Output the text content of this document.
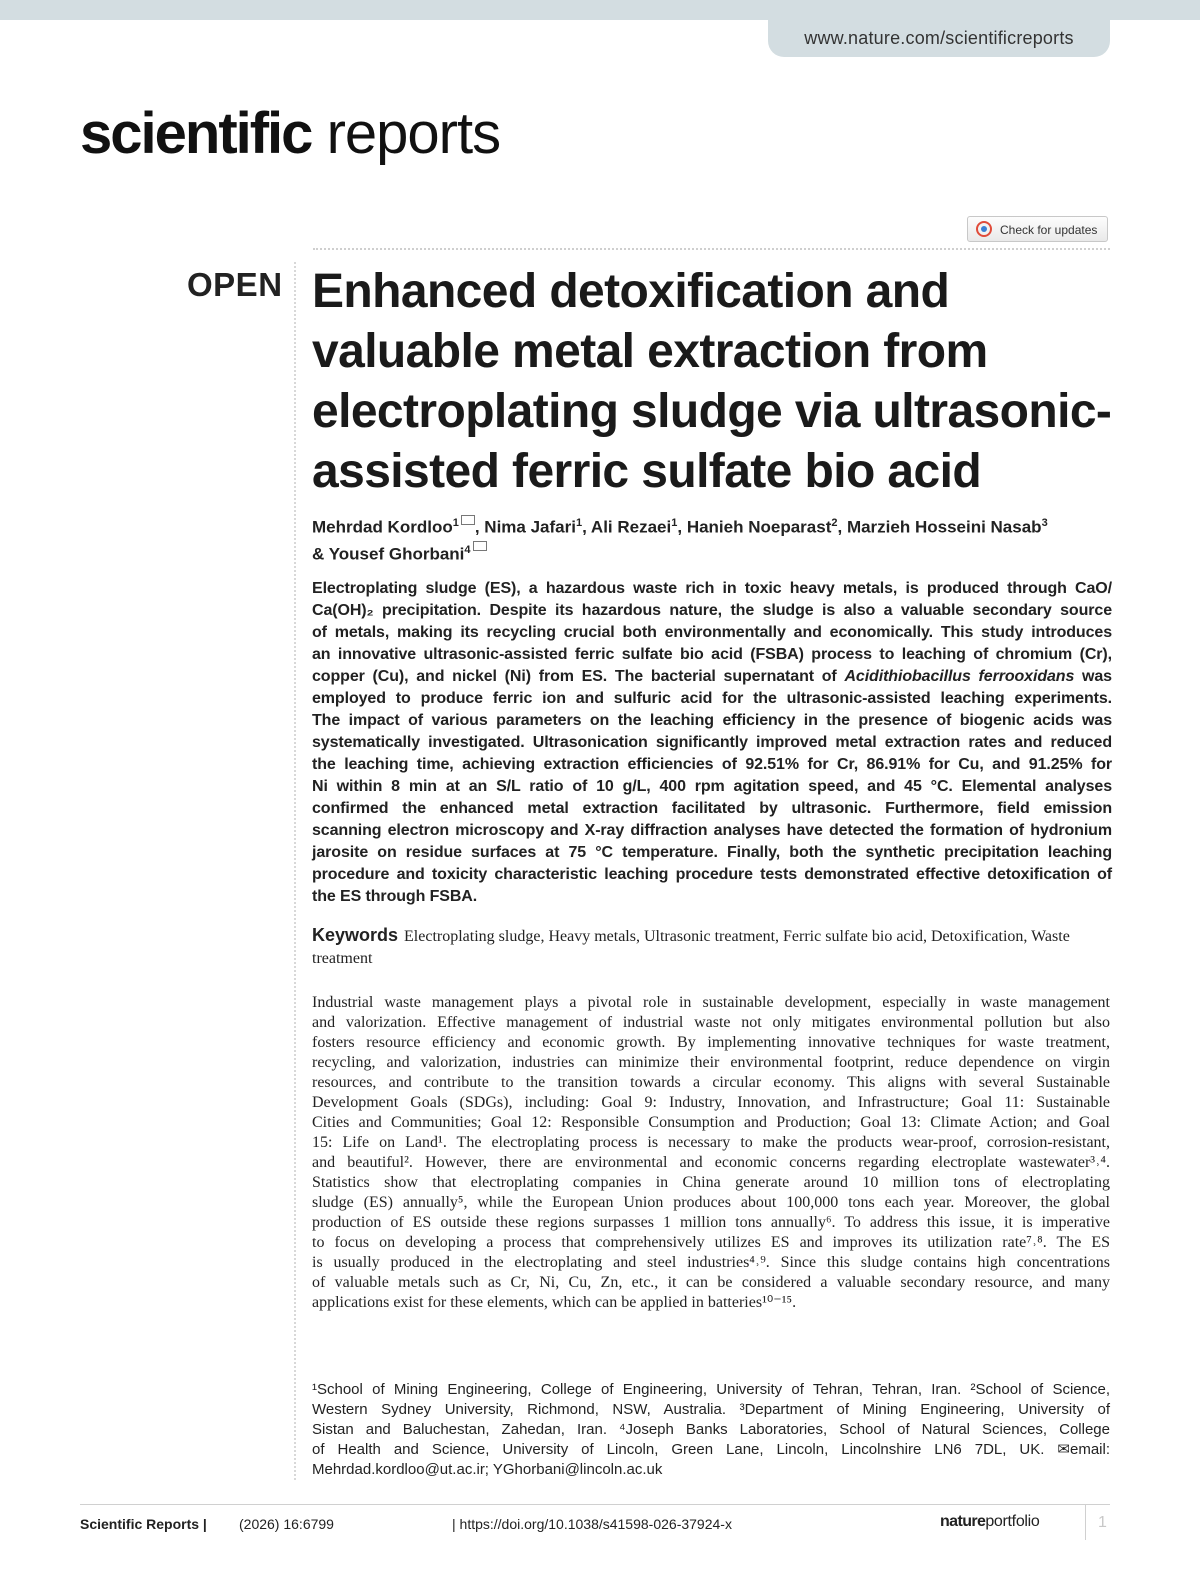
www.nature.com/scientificreports
scientific reports
Check for updates
OPEN Enhanced detoxification and
valuable metal extraction from
electroplating sludge via ultrasonic-
assisted ferric sulfate bio acid
Mehrdad Kordloo$^1$ , Nima Jafari$^1$, Ali Rezaei$^1$, Hanieh Noeparast$^2$, Marzieh Hosseini Nasab$^3$
& Yousef Ghorbani$^4$
Electroplating sludge (ES), a hazardous waste rich in toxic heavy metals, is produced through CaO/
Ca(OH)₂ precipitation. Despite its hazardous nature, the sludge is also a valuable secondary source
of metals, making its recycling crucial both environmentally and economically. This study introduces
an innovative ultrasonic-assisted ferric sulfate bio acid (FSBA) process to leaching of chromium (Cr),
copper (Cu), and nickel (Ni) from ES. The bacterial supernatant of Acidithiobacillus ferrooxidans was
employed to produce ferric ion and sulfuric acid for the ultrasonic-assisted leaching experiments.
The impact of various parameters on the leaching efficiency in the presence of biogenic acids was
systematically investigated. Ultrasonication significantly improved metal extraction rates and reduced
the leaching time, achieving extraction efficiencies of 92.51% for Cr, 86.91% for Cu, and 91.25% for
Ni within 8 min at an S/L ratio of 10 g/L, 400 rpm agitation speed, and 45 °C. Elemental analyses
confirmed the enhanced metal extraction facilitated by ultrasonic. Furthermore, field emission
scanning electron microscopy and X-ray diffraction analyses have detected the formation of hydronium
jarosite on residue surfaces at 75 °C temperature. Finally, both the synthetic precipitation leaching
procedure and toxicity characteristic leaching procedure tests demonstrated effective detoxification of
the ES through FSBA.
Keywords Electroplating sludge, Heavy metals, Ultrasonic treatment, Ferric sulfate bio acid, Detoxification, Waste treatment
Industrial waste management plays a pivotal role in sustainable development, especially in waste management
and valorization. Effective management of industrial waste not only mitigates environmental pollution but also
fosters resource efficiency and economic growth. By implementing innovative techniques for waste treatment,
recycling, and valorization, industries can minimize their environmental footprint, reduce dependence on virgin
resources, and contribute to the transition towards a circular economy. This aligns with several Sustainable
Development Goals (SDGs), including: Goal 9: Industry, Innovation, and Infrastructure; Goal 11: Sustainable
Cities and Communities; Goal 12: Responsible Consumption and Production; Goal 13: Climate Action; and Goal
15: Life on Land¹. The electroplating process is necessary to make the products wear-proof, corrosion-resistant,
and beautiful². However, there are environmental and economic concerns regarding electroplate wastewater³˒⁴.
Statistics show that electroplating companies in China generate around 10 million tons of electroplating
sludge (ES) annually⁵, while the European Union produces about 100,000 tons each year. Moreover, the global
production of ES outside these regions surpasses 1 million tons annually⁶. To address this issue, it is imperative
to focus on developing a process that comprehensively utilizes ES and improves its utilization rate⁷˒⁸. The ES
is usually produced in the electroplating and steel industries⁴˒⁹. Since this sludge contains high concentrations
of valuable metals such as Cr, Ni, Cu, Zn, etc., it can be considered a valuable secondary resource, and many
applications exist for these elements, which can be applied in batteries¹⁰⁻¹⁵.
¹School of Mining Engineering, College of Engineering, University of Tehran, Tehran, Iran. ²School of Science,
Western Sydney University, Richmond, NSW, Australia. ³Department of Mining Engineering, University of
Sistan and Baluchestan, Zahedan, Iran. ⁴Joseph Banks Laboratories, School of Natural Sciences, College
of Health and Science, University of Lincoln, Green Lane, Lincoln, Lincolnshire LN6 7DL, UK. ✉email:
Mehrdad.kordloo@ut.ac.ir; YGhorbani@lincoln.ac.uk
Scientific Reports | (2026) 16:6799	| https://doi.org/10.1038/s41598-026-37924-x	natureportfolio	1
